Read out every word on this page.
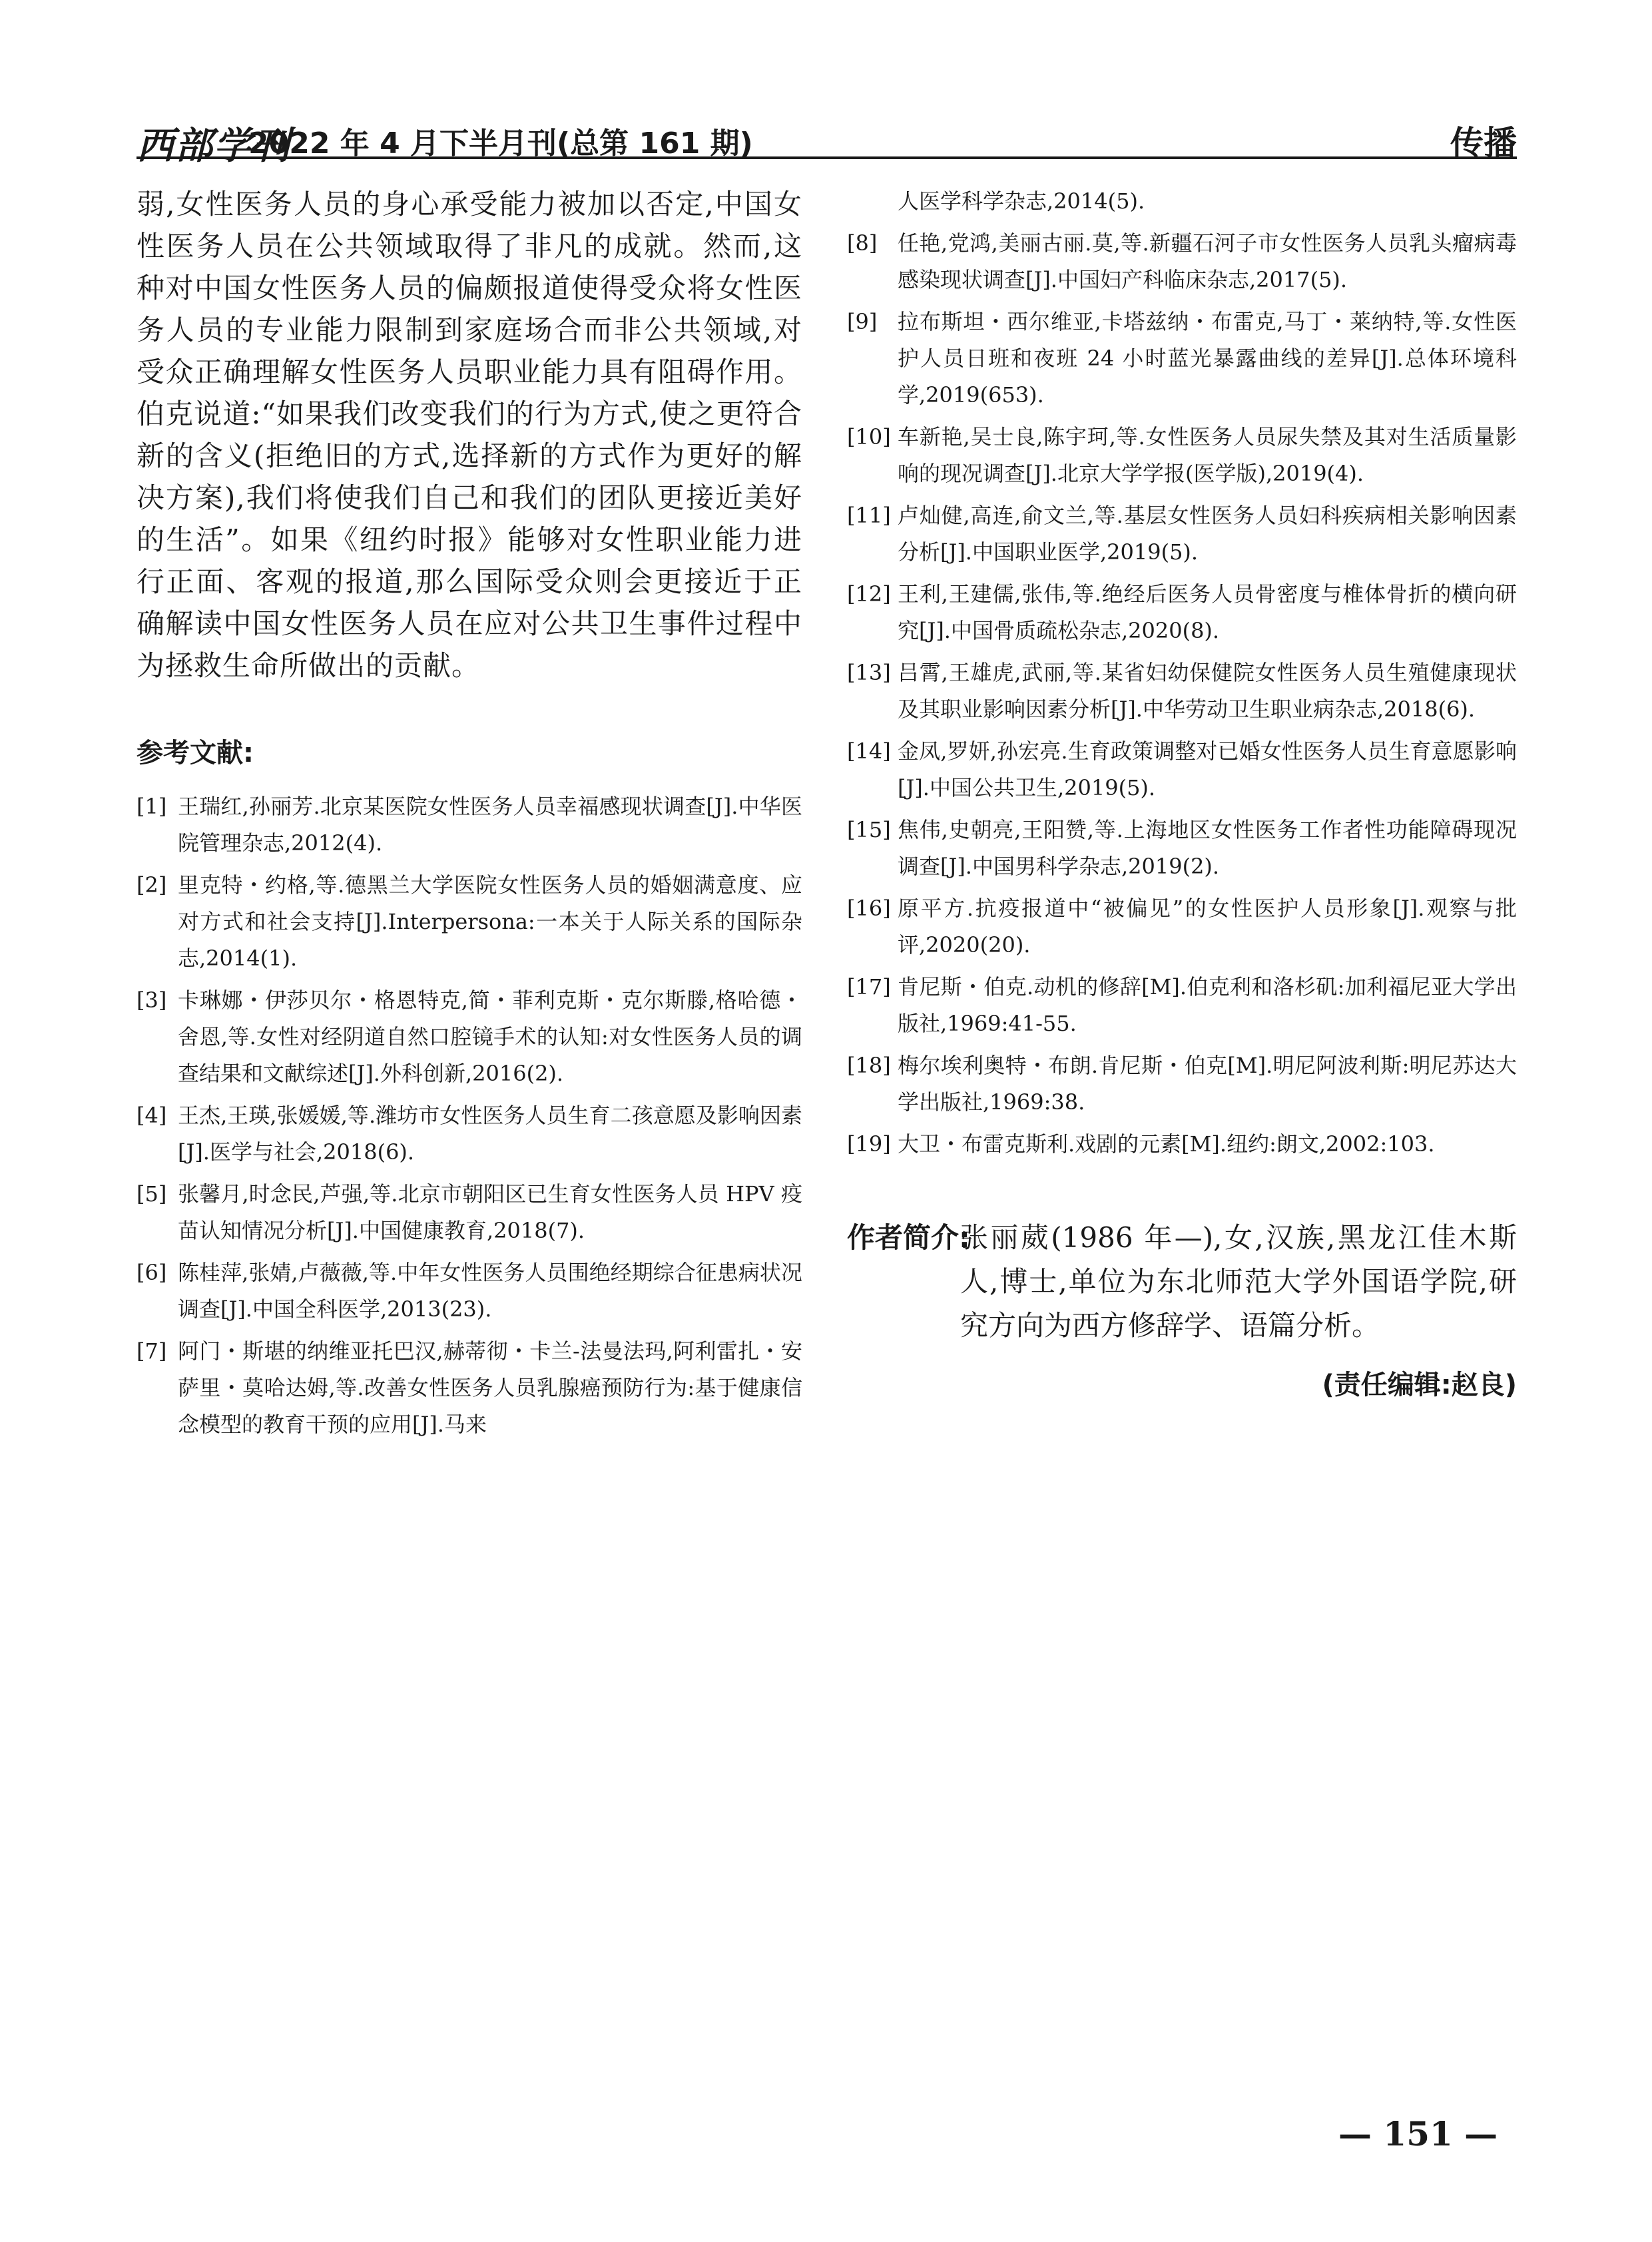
西部学刊
2022 年 4 月下半月刊(总第 161 期)	传播

弱,女性医务人员的身心承受能力被加以否定,中国女性医务人员在公共领域取得了非凡的成就。然而,这种对中国女性医务人员的偏颇报道使得受众将女性医务人员的专业能力限制到家庭场合而非公共领域,对受众正确理解女性医务人员职业能力具有阻碍作用。伯克说道:“如果我们改变我们的行为方式,使之更符合新的含义(拒绝旧的方式,选择新的方式作为更好的解决方案),我们将使我们自己和我们的团队更接近美好的生活”。如果《纽约时报》能够对女性职业能力进行正面、客观的报道,那么国际受众则会更接近于正确解读中国女性医务人员在应对公共卫生事件过程中为拯救生命所做出的贡献。

参考文献:
[1] 王瑞红,孙丽芳.北京某医院女性医务人员幸福感现状调查[J].中华医院管理杂志,2012(4).
[2] 里克特・约格,等.德黑兰大学医院女性医务人员的婚姻满意度、应对方式和社会支持[J].Interpersona:一本关于人际关系的国际杂志,2014(1).
[3] 卡琳娜・伊莎贝尔・格恩特克,简・菲利克斯・克尔斯滕,格哈德・舍恩,等.女性对经阴道自然口腔镜手术的认知:对女性医务人员的调查结果和文献综述[J].外科创新,2016(2).
[4] 王杰,王瑛,张媛媛,等.潍坊市女性医务人员生育二孩意愿及影响因素[J].医学与社会,2018(6).
[5] 张馨月,时念民,芦强,等.北京市朝阳区已生育女性医务人员 HPV 疫苗认知情况分析[J].中国健康教育,2018(7).
[6] 陈桂萍,张婧,卢薇薇,等.中年女性医务人员围绝经期综合征患病状况调查[J].中国全科医学,2013(23).
[7] 阿门・斯堪的纳维亚托巴汉,赫蒂彻・卡兰-法曼法玛,阿利雷扎・安萨里・莫哈达姆,等.改善女性医务人员乳腺癌预防行为:基于健康信念模型的教育干预的应用[J].马来
人医学科学杂志,2014(5).
[8] 任艳,党鸿,美丽古丽.莫,等.新疆石河子市女性医务人员乳头瘤病毒感染现状调查[J].中国妇产科临床杂志,2017(5).
[9] 拉布斯坦・西尔维亚,卡塔兹纳・布雷克,马丁・莱纳特,等.女性医护人员日班和夜班 24 小时蓝光暴露曲线的差异[J].总体环境科学,2019(653).
[10] 车新艳,吴士良,陈宇珂,等.女性医务人员尿失禁及其对生活质量影响的现况调查[J].北京大学学报(医学版),2019(4).
[11] 卢灿健,高连,俞文兰,等.基层女性医务人员妇科疾病相关影响因素分析[J].中国职业医学,2019(5).
[12] 王利,王建儒,张伟,等.绝经后医务人员骨密度与椎体骨折的横向研究[J].中国骨质疏松杂志,2020(8).
[13] 吕霄,王雄虎,武丽,等.某省妇幼保健院女性医务人员生殖健康现状及其职业影响因素分析[J].中华劳动卫生职业病杂志,2018(6).
[14] 金凤,罗妍,孙宏亮.生育政策调整对已婚女性医务人员生育意愿影响[J].中国公共卫生,2019(5).
[15] 焦伟,史朝亮,王阳赞,等.上海地区女性医务工作者性功能障碍现况调查[J].中国男科学杂志,2019(2).
[16] 原平方.抗疫报道中“被偏见”的女性医护人员形象[J].观察与批评,2020(20).
[17] 肯尼斯・伯克.动机的修辞[M].伯克利和洛杉矶:加利福尼亚大学出版社,1969:41-55.
[18] 梅尔埃利奥特・布朗.肯尼斯・伯克[M].明尼阿波利斯:明尼苏达大学出版社,1969:38.
[19] 大卫・布雷克斯利.戏剧的元素[M].纽约:朗文,2002:103.
作者简介:
张丽葳(1986 年—),女,汉族,黑龙江佳木斯人,博士,单位为东北师范大学外国语学院,研究方向为西方修辞学、语篇分析。
(责任编辑:赵良)
— 151 —
